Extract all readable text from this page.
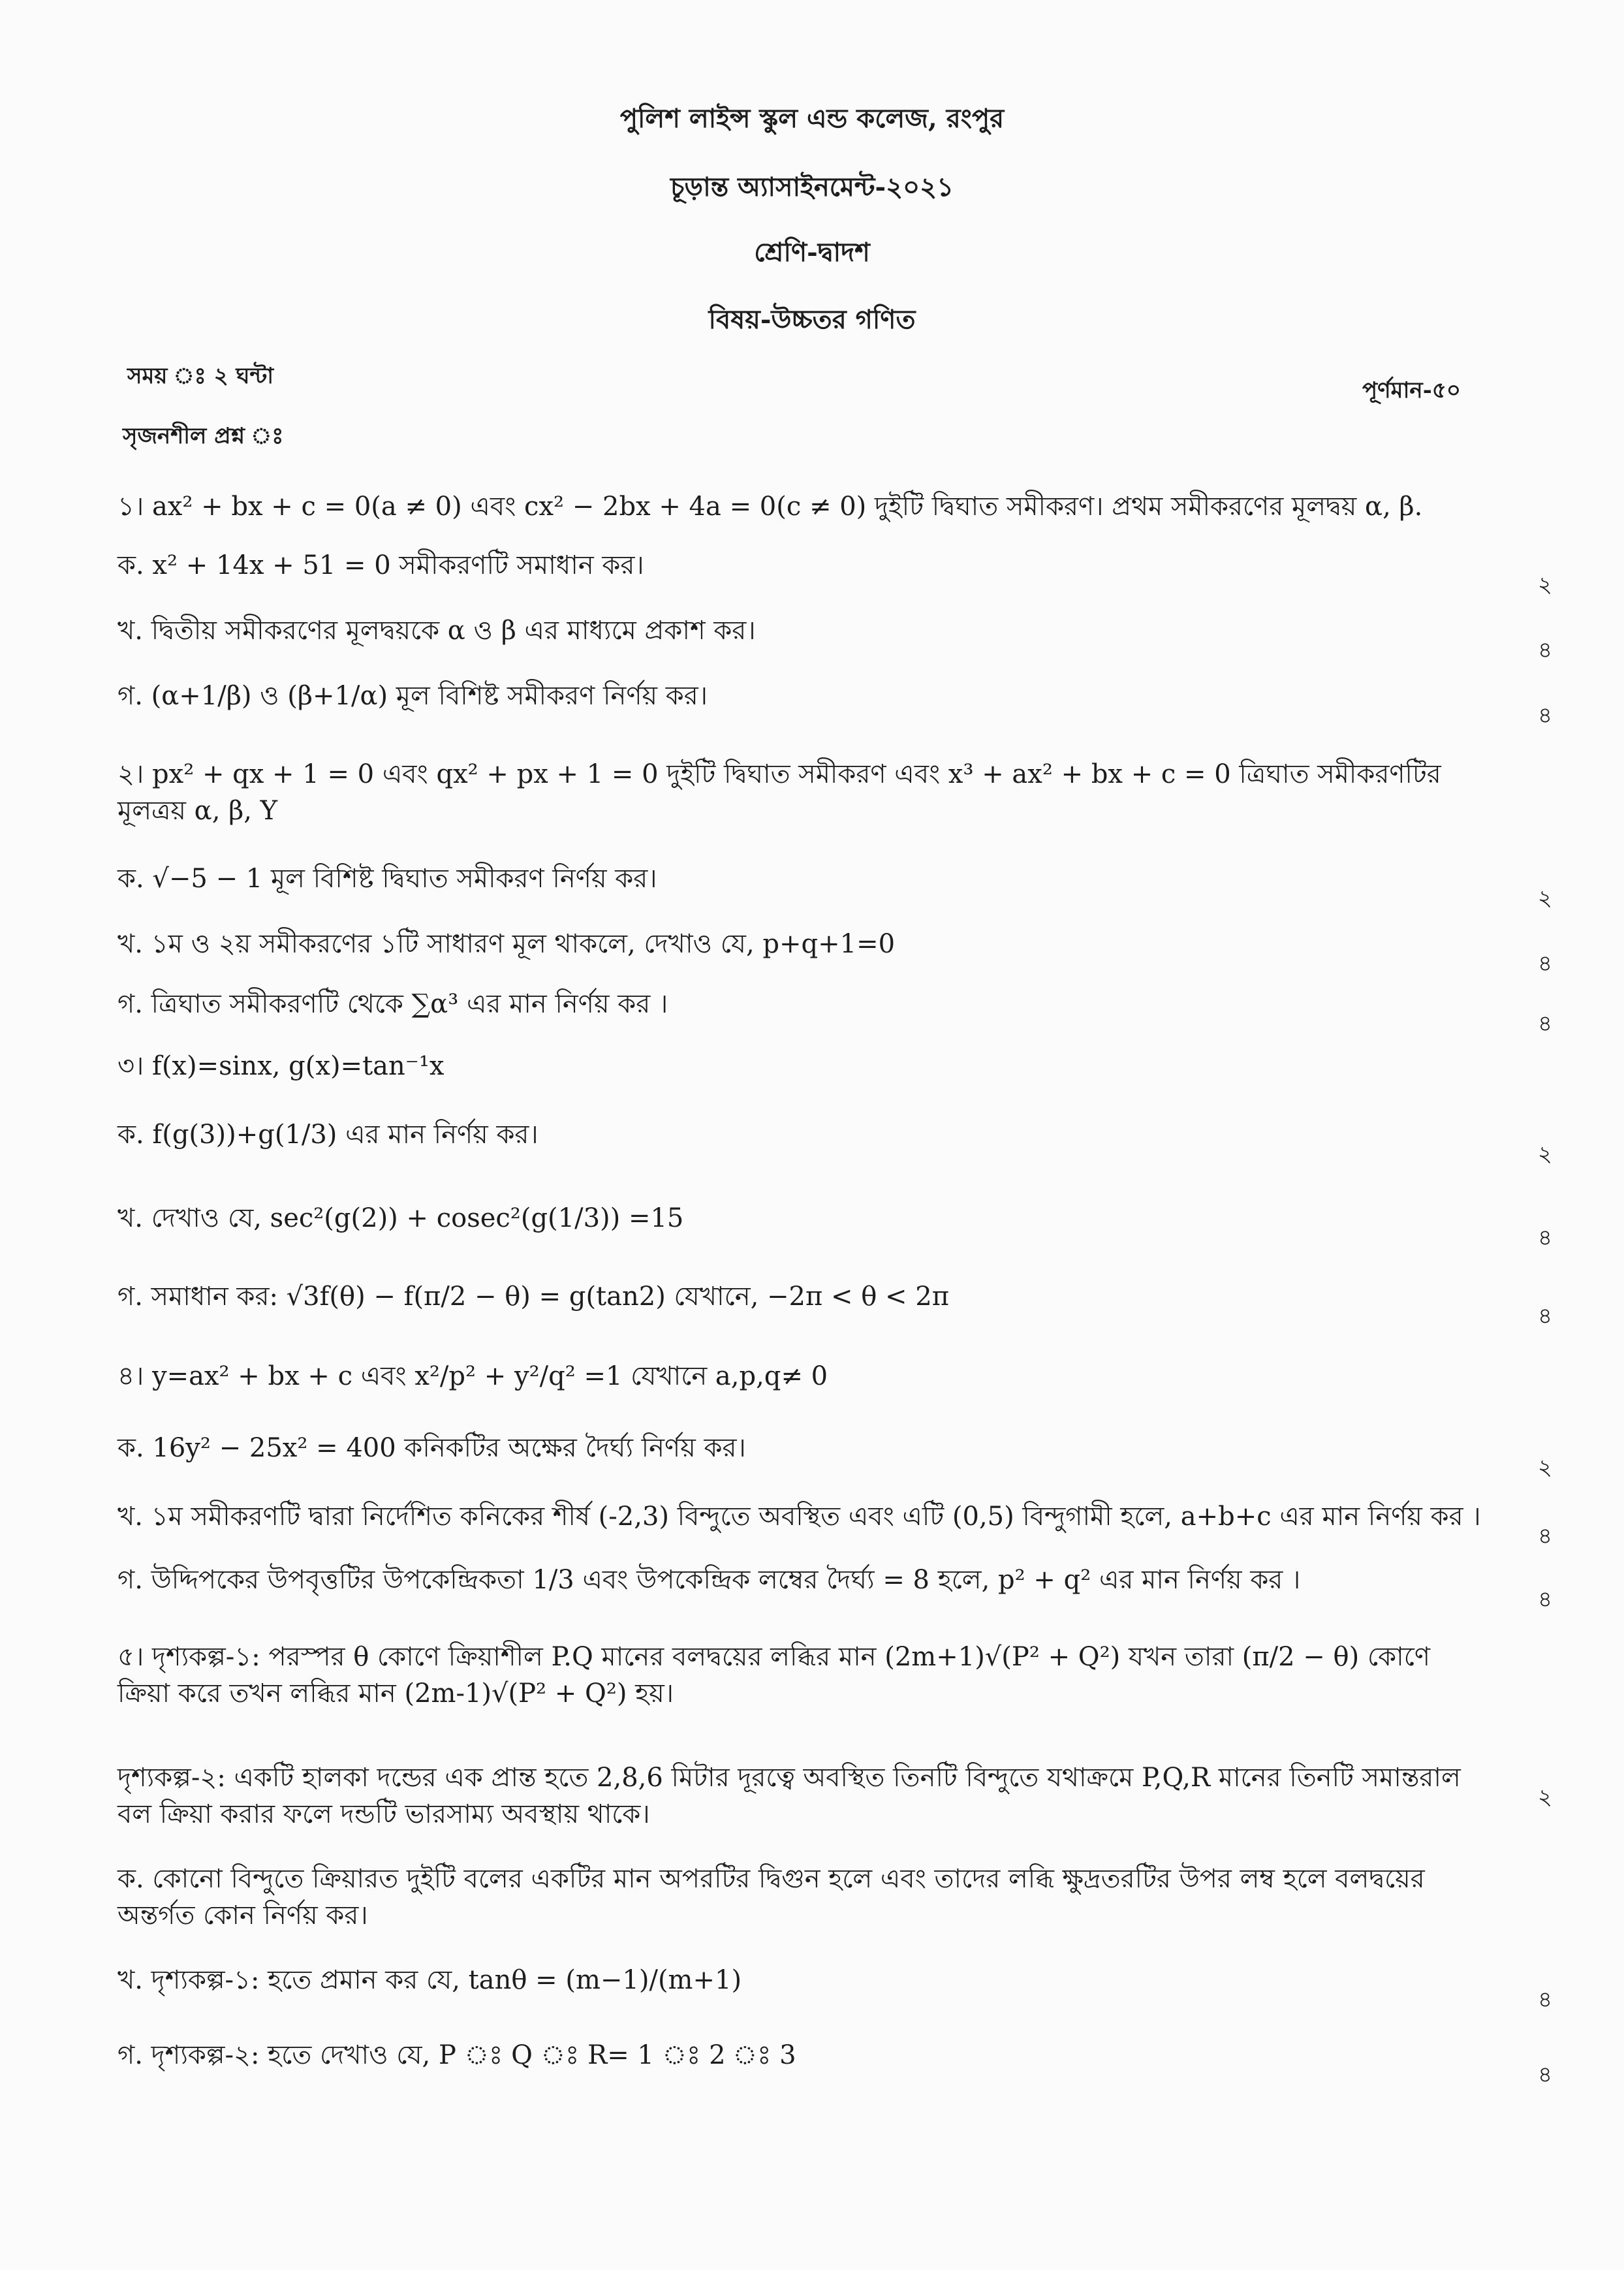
পুলিশ লাইন্স স্কুল এন্ড কলেজ, রংপুর
চূড়ান্ত অ্যাসাইনমেন্ট-২০২১
শ্রেণি-দ্বাদশ
বিষয়-উচ্চতর গণিত
সময় ঃ ২ ঘন্টা
পূর্ণমান-৫০
সৃজনশীল প্রশ্ন ঃ
১। ax² + bx + c = 0(a ≠ 0) এবং cx² − 2bx + 4a = 0(c ≠ 0) দুইটি দ্বিঘাত সমীকরণ। প্রথম সমীকরণের মূলদ্বয় α, β.
ক. x² + 14x + 51 = 0 সমীকরণটি সমাধান কর।
২
খ. দ্বিতীয় সমীকরণের মূলদ্বয়কে α ও β এর মাধ্যমে প্রকাশ কর।
৪
গ. (α+1/β) ও (β+1/α) মূল বিশিষ্ট সমীকরণ নির্ণয় কর।
৪
২। px² + qx + 1 = 0 এবং qx² + px + 1 = 0 দুইটি দ্বিঘাত সমীকরণ এবং x³ + ax² + bx + c = 0 ত্রিঘাত সমীকরণটির মূলত্রয় α, β, Y
ক. √−5 − 1 মূল বিশিষ্ট দ্বিঘাত সমীকরণ নির্ণয় কর।
২
খ. ১ম ও ২য় সমীকরণের ১টি সাধারণ মূল থাকলে, দেখাও যে, p+q+1=0
৪
গ. ত্রিঘাত সমীকরণটি থেকে ∑α³ এর মান নির্ণয় কর ।
৪
৩। f(x)=sinx, g(x)=tan⁻¹x
ক. f(g(3))+g(1/3) এর মান নির্ণয় কর।
২
খ. দেখাও যে, sec²(g(2)) + cosec²(g(1/3)) =15
৪
গ. সমাধান কর: √3f(θ) − f(π/2 − θ) = g(tan2) যেখানে, −2π < θ < 2π
৪
৪। y=ax² + bx + c এবং x²/p² + y²/q² =1 যেখানে a,p,q≠ 0
ক. 16y² − 25x² = 400 কনিকটির অক্ষের দৈর্ঘ্য নির্ণয় কর।
২
খ. ১ম সমীকরণটি দ্বারা নির্দেশিত কনিকের শীর্ষ (-2,3) বিন্দুতে অবস্থিত এবং এটি (0,5) বিন্দুগামী হলে, a+b+c এর মান নির্ণয় কর ।
৪
গ. উদ্দিপকের উপবৃত্তটির উপকেন্দ্রিকতা 1/3 এবং উপকেন্দ্রিক লম্বের দৈর্ঘ্য = 8 হলে, p² + q² এর মান নির্ণয় কর ।
৪
৫। দৃশ্যকল্প-১: পরস্পর θ কোণে ক্রিয়াশীল P.Q মানের বলদ্বয়ের লব্ধির মান (2m+1)√(P² + Q²) যখন তারা (π/2 − θ) কোণে ক্রিয়া করে তখন লব্ধির মান (2m-1)√(P² + Q²) হয়।
দৃশ্যকল্প-২: একটি হালকা দন্ডের এক প্রান্ত হতে 2,8,6 মিটার দূরত্বে অবস্থিত তিনটি বিন্দুতে যথাক্রমে P,Q,R মানের তিনটি সমান্তরাল বল ক্রিয়া করার ফলে দন্ডটি ভারসাম্য অবস্থায় থাকে।
২
ক. কোনো বিন্দুতে ক্রিয়ারত দুইটি বলের একটির মান অপরটির দ্বিগুন হলে এবং তাদের লব্ধি ক্ষুদ্রতরটির উপর লম্ব হলে বলদ্বয়ের অন্তর্গত কোন নির্ণয় কর।
খ. দৃশ্যকল্প-১: হতে প্রমান কর যে, tanθ = (m−1)/(m+1)
৪
গ. দৃশ্যকল্প-২: হতে দেখাও যে, P ঃ Q ঃ R= 1 ঃ 2 ঃ 3
৪
